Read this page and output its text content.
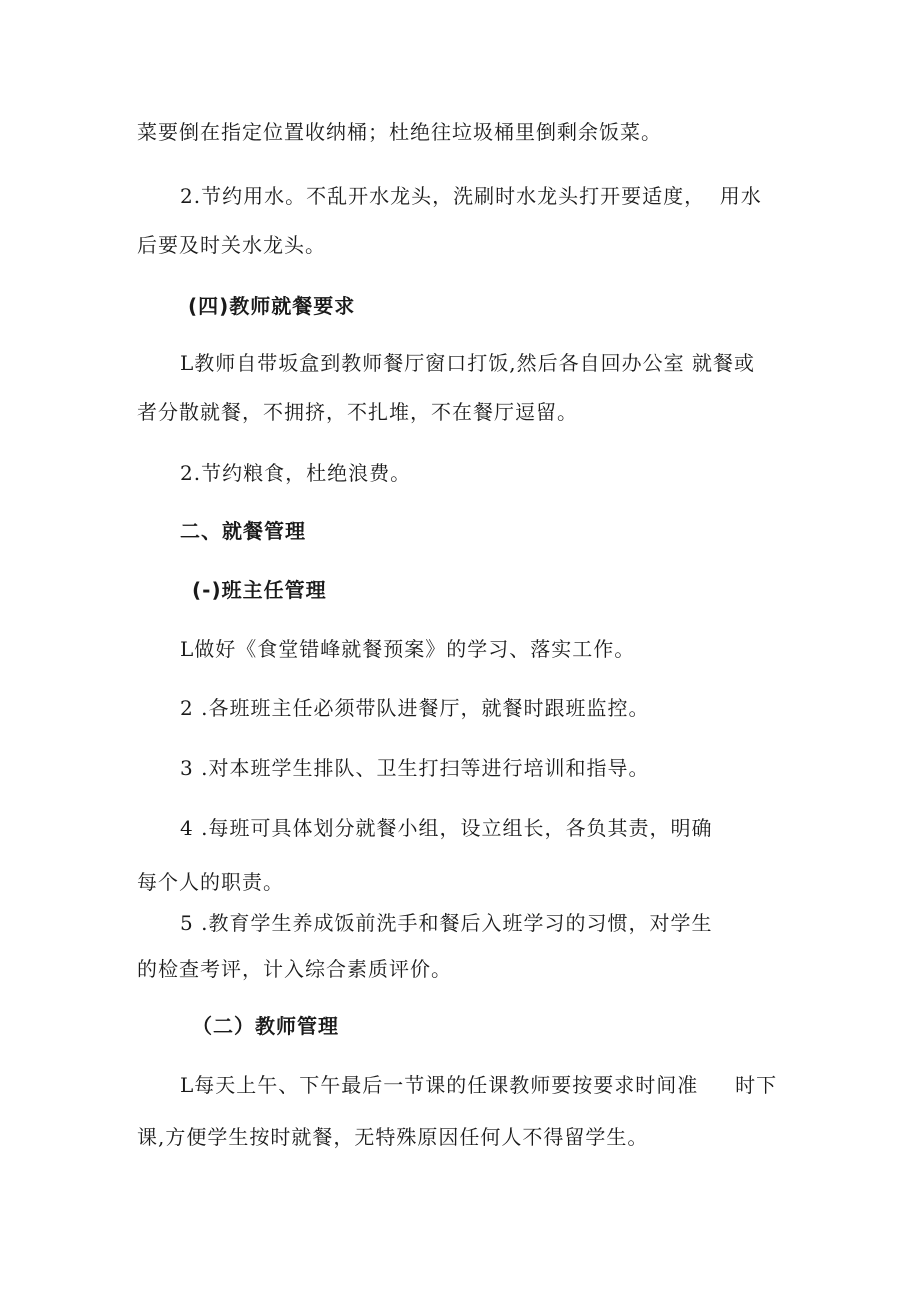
菜要倒在指定位置收纳桶；杜绝往垃圾桶里倒剩余饭菜。
2.节约用水。不乱开水龙头，洗刷时水龙头打开要适度，  用水
后要及时关水龙头。
(四)教师就餐要求
L教师自带坂盒到教师餐厅窗口打饭,然后各自回办公室 就餐或
者分散就餐，不拥挤，不扎堆，不在餐厅逗留。
2.节约粮食，杜绝浪费。
二、就餐管理
(-)班主任管理
L做好《食堂错峰就餐预案》的学习、落实工作。
2 .各班班主任必须带队进餐厅，就餐时跟班监控。
3 .对本班学生排队、卫生打扫等进行培训和指导。
4 .每班可具体划分就餐小组，设立组长，各负其责，明确
每个人的职责。
5 .教育学生养成饭前洗手和餐后入班学习的习惯，对学生
的检查考评，计入综合素质评价。
（二）教师管理
L每天上午、下午最后一节课的任课教师要按要求时间准     时下
课,方便学生按时就餐，无特殊原因任何人不得留学生。
